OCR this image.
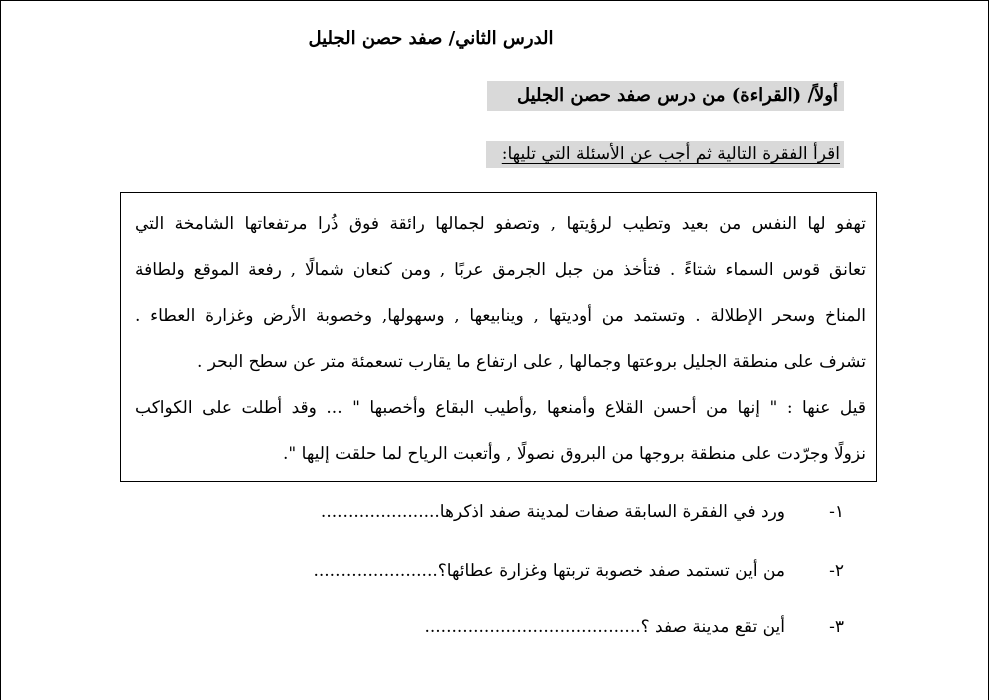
الدرس الثاني/ صفد حصن الجليل
أولاً/ (القراءة) من درس صفد حصن الجليل
اقرأ الفقرة التالية ثم أجب عن الأسئلة التي تليها:
تهفو لها النفس من بعيد وتطيب لرؤيتها , وتصفو لجمالها رائقة فوق ذُرا مرتفعاتها الشامخة التي
تعانق قوس السماء شتاءً . فتأخذ من جبل الجرمق عربًا , ومن كنعان شمالًا , رفعة الموقع ولطافة
المناخ وسحر الإطلالة . وتستمد من أوديتها , وينابيعها , وسهولها, وخصوبة الأرض وغزارة العطاء .
تشرف على منطقة الجليل بروعتها وجمالها , على ارتفاع ما يقارب تسعمئة متر عن سطح البحر .
قيل عنها : " إنها من أحسن القلاع وأمنعها ,وأطيب البقاع وأخصبها " ... وقد أطلت على الكواكب
نزولًا وجرّدت على منطقة بروجها من البروق نصولًا , وأتعبت الرياح لما حلقت إليها ".
١-
ورد في الفقرة السابقة صفات لمدينة صفد اذكرها......................
٢-
من أين تستمد صفد خصوبة تربتها وغزارة عطائها؟.......................
٣-
أين تقع مدينة صفد ؟........................................
